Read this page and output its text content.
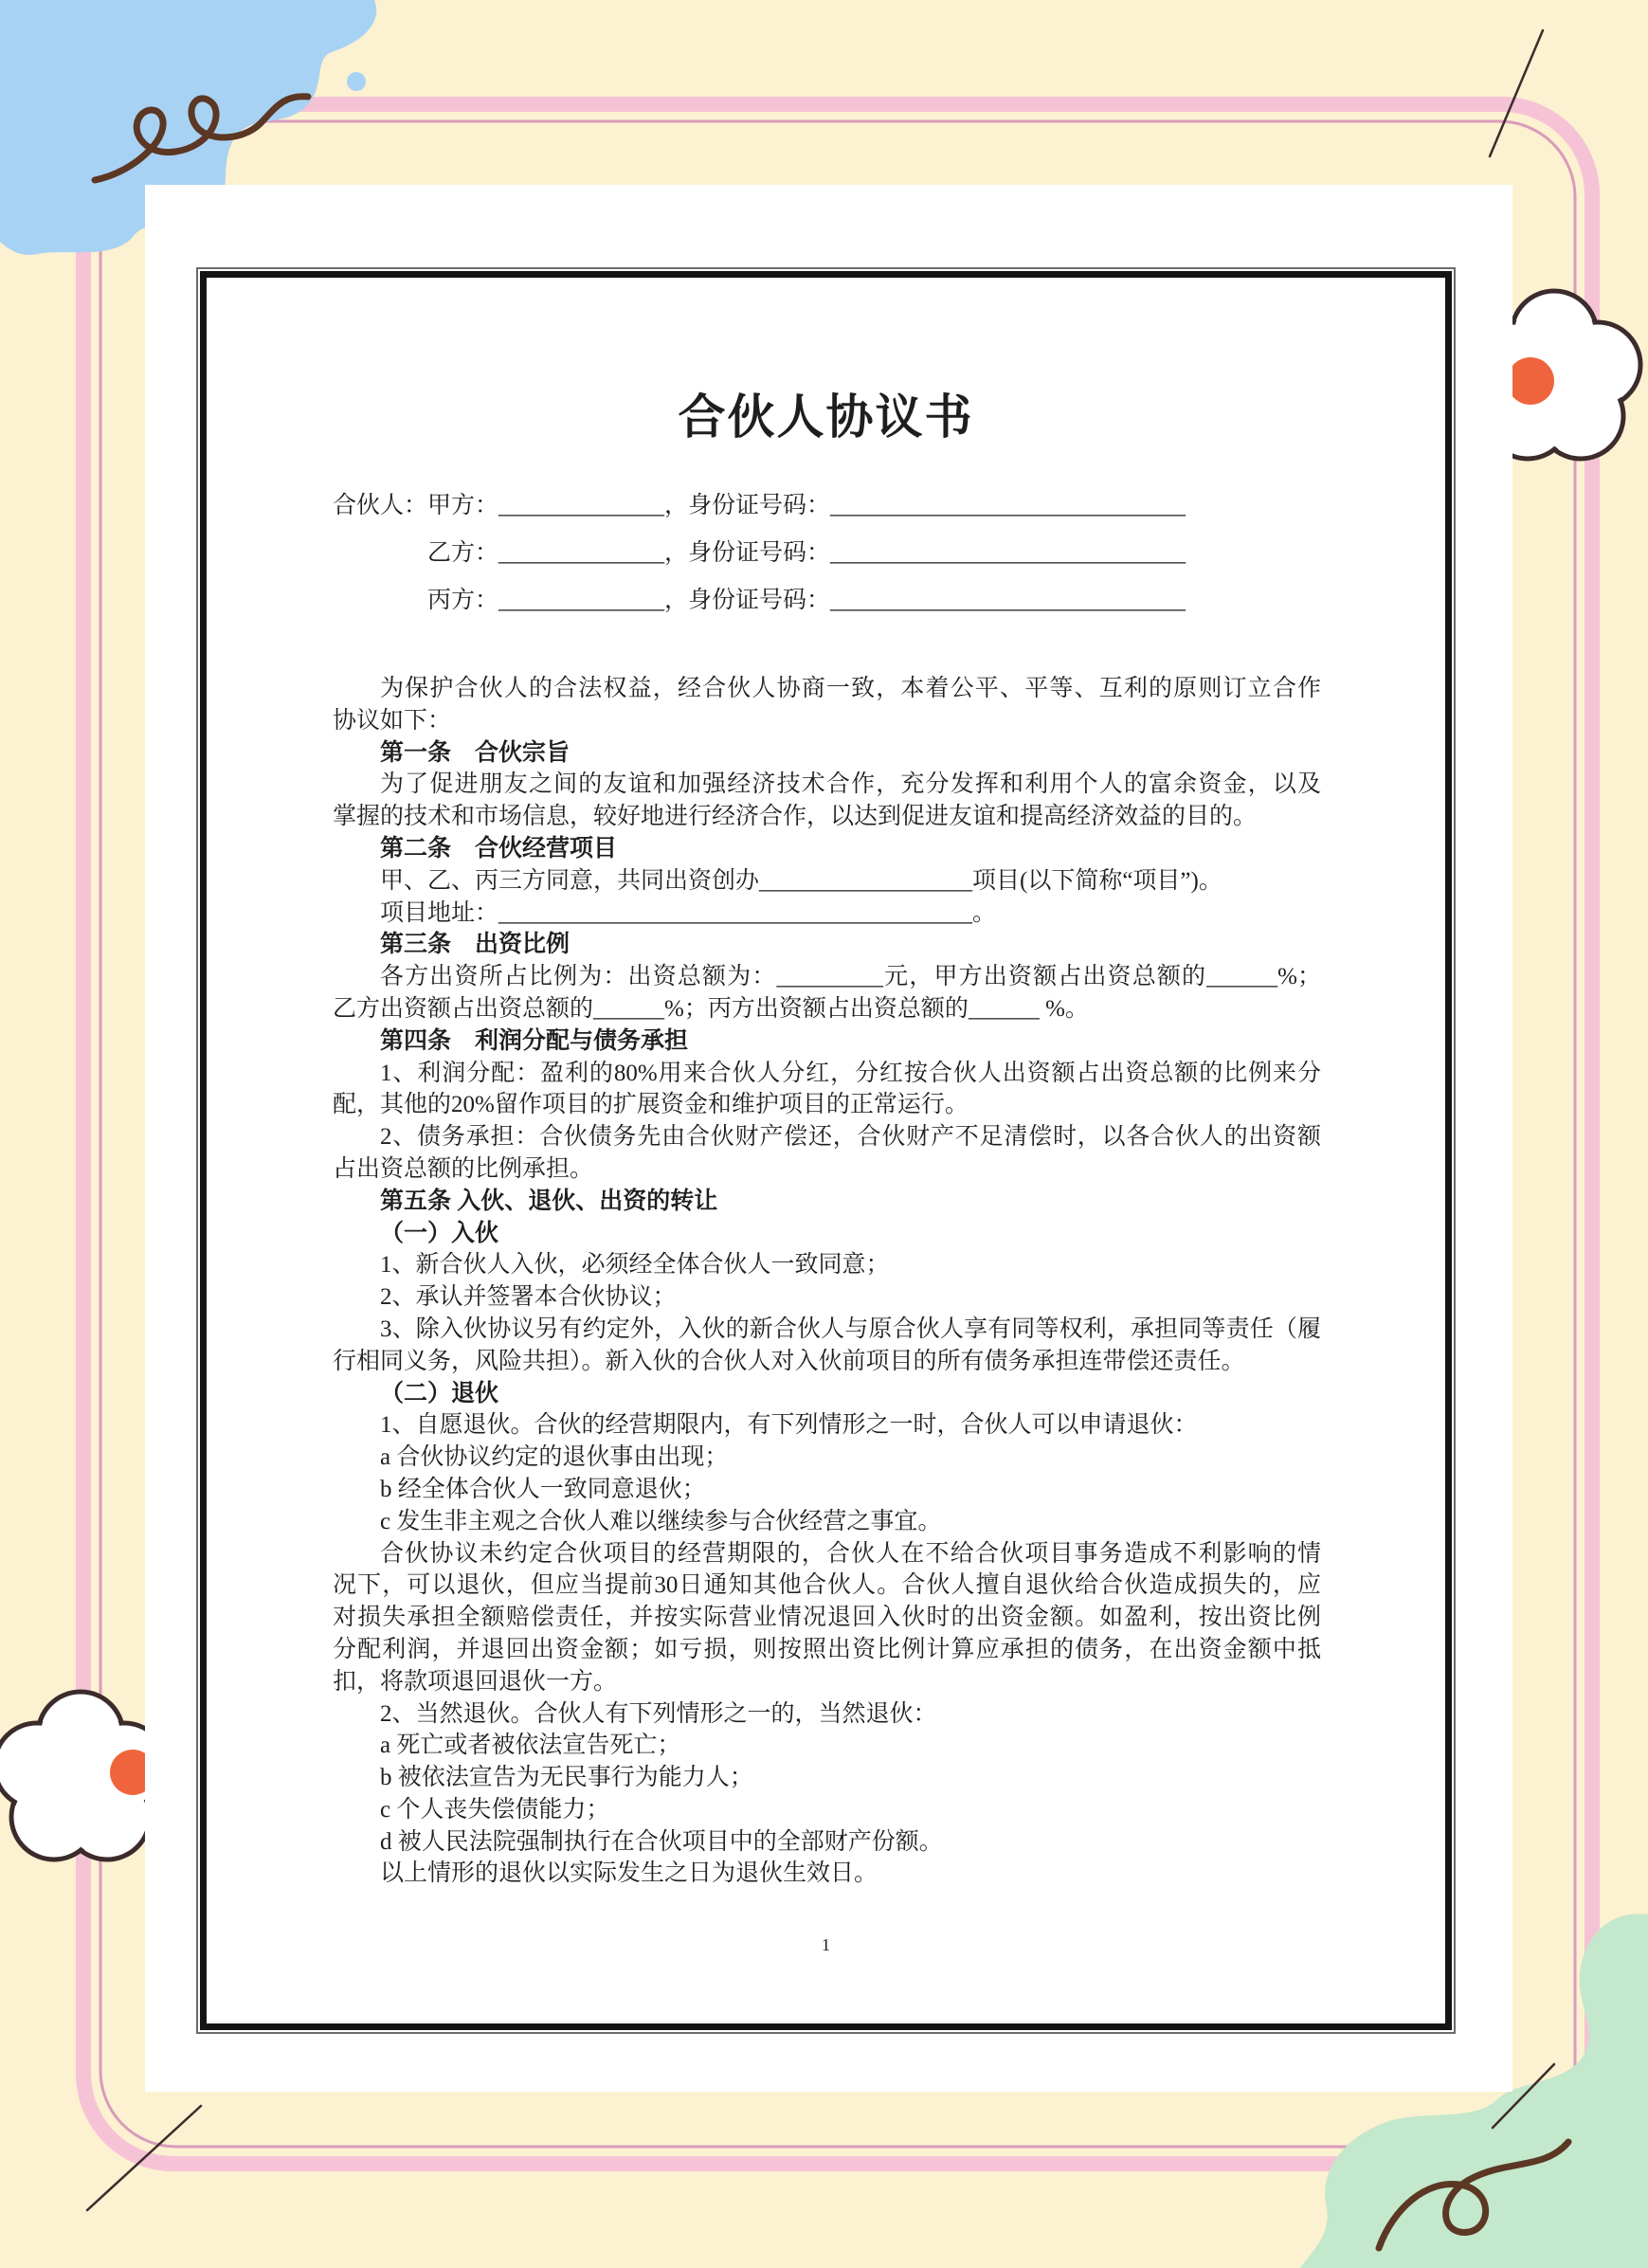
合伙人协议书
合伙人：甲方：______________，身份证号码：______________________________
乙方：______________，身份证号码：______________________________
丙方：______________，身份证号码：______________________________
为保护合伙人的合法权益，经合伙人协商一致，本着公平、平等、互利的原则订立合作
协议如下：
第一条　合伙宗旨
为了促进朋友之间的友谊和加强经济技术合作，充分发挥和利用个人的富余资金，以及
掌握的技术和市场信息，较好地进行经济合作，以达到促进友谊和提高经济效益的目的。
第二条　合伙经营项目
甲、乙、丙三方同意，共同出资创办__________________项目(以下简称“项目”)。
项目地址：________________________________________。
第三条　出资比例
各方出资所占比例为：出资总额为：_________元，甲方出资额占出资总额的______%；
乙方出资额占出资总额的______%；丙方出资额占出资总额的______ %。
第四条　利润分配与债务承担
1、利润分配：盈利的80%用来合伙人分红，分红按合伙人出资额占出资总额的比例来分
配，其他的20%留作项目的扩展资金和维护项目的正常运行。
2、债务承担：合伙债务先由合伙财产偿还，合伙财产不足清偿时，以各合伙人的出资额
占出资总额的比例承担。
第五条 入伙、退伙、出资的转让
（一）入伙
1、新合伙人入伙，必须经全体合伙人一致同意；
2、承认并签署本合伙协议；
3、除入伙协议另有约定外，入伙的新合伙人与原合伙人享有同等权利，承担同等责任（履
行相同义务，风险共担）。新入伙的合伙人对入伙前项目的所有债务承担连带偿还责任。
（二）退伙
1、自愿退伙。合伙的经营期限内，有下列情形之一时，合伙人可以申请退伙：
a 合伙协议约定的退伙事由出现；
b 经全体合伙人一致同意退伙；
c 发生非主观之合伙人难以继续参与合伙经营之事宜。
合伙协议未约定合伙项目的经营期限的，合伙人在不给合伙项目事务造成不利影响的情
况下，可以退伙，但应当提前30日通知其他合伙人。合伙人擅自退伙给合伙造成损失的，应
对损失承担全额赔偿责任，并按实际营业情况退回入伙时的出资金额。如盈利，按出资比例
分配利润，并退回出资金额；如亏损，则按照出资比例计算应承担的债务，在出资金额中抵
扣，将款项退回退伙一方。
2、当然退伙。合伙人有下列情形之一的，当然退伙：
a 死亡或者被依法宣告死亡；
b 被依法宣告为无民事行为能力人；
c 个人丧失偿债能力；
d 被人民法院强制执行在合伙项目中的全部财产份额。
以上情形的退伙以实际发生之日为退伙生效日。
1
